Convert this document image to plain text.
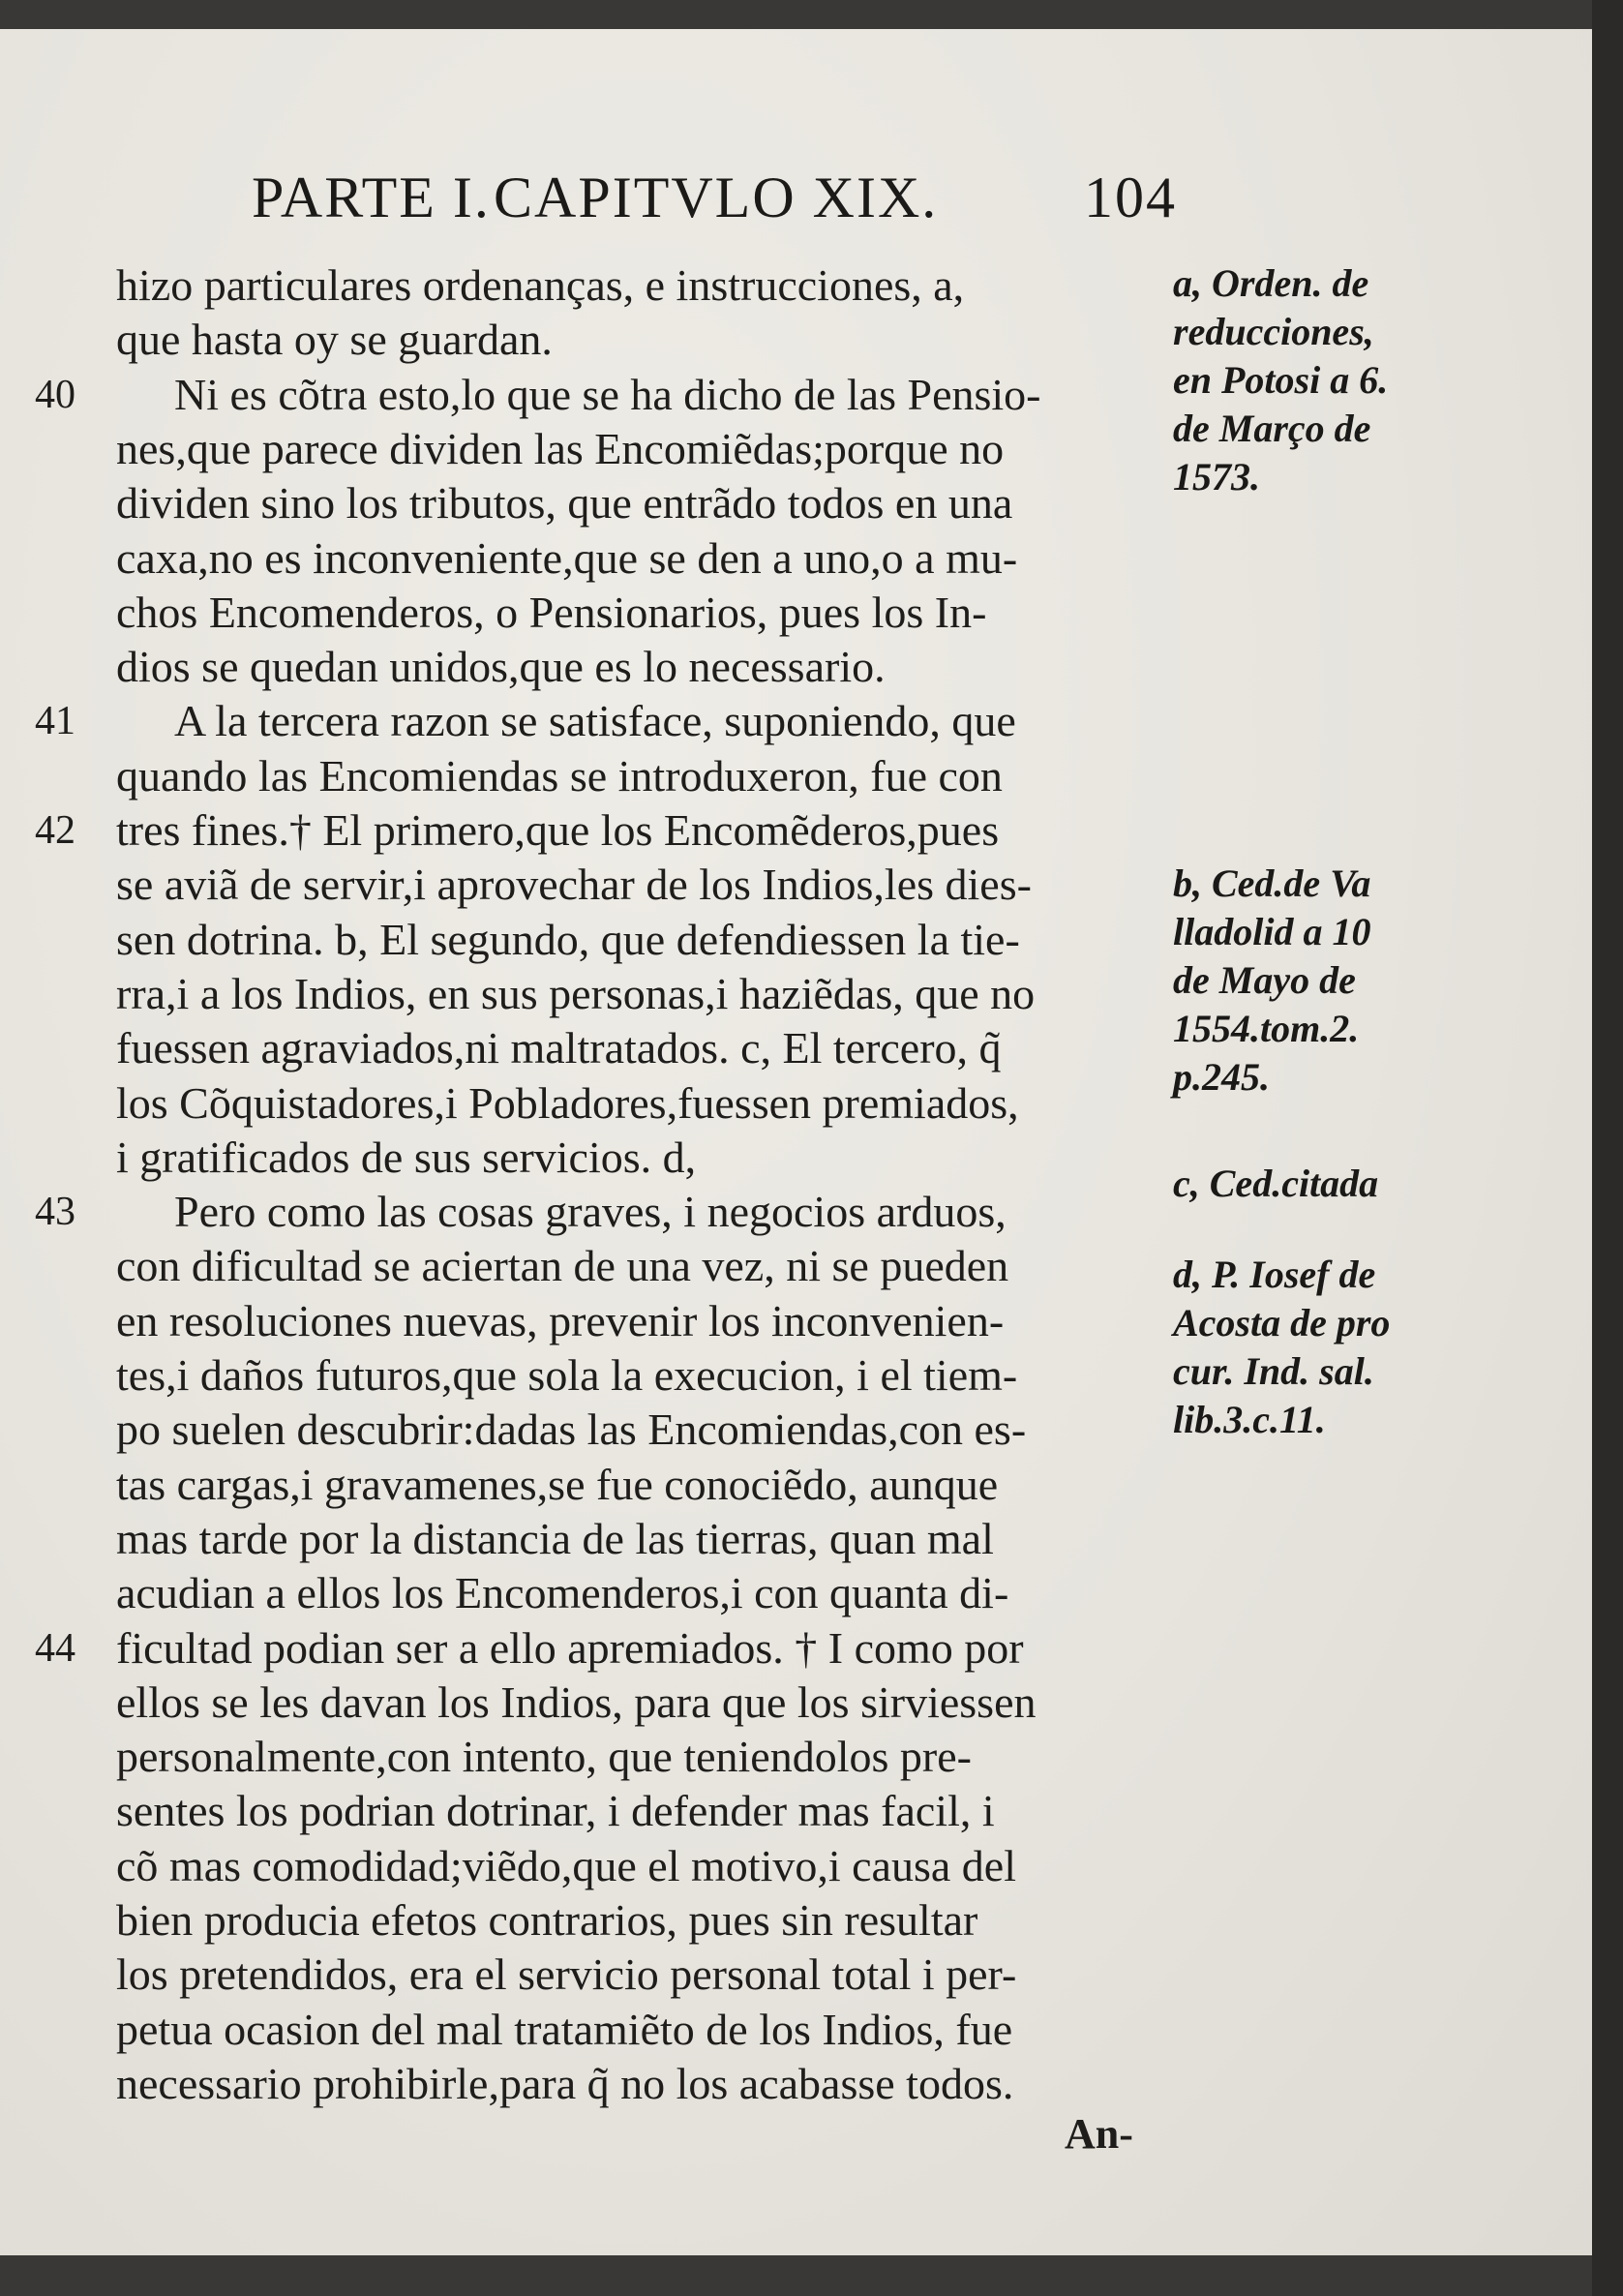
PARTE I. CAPITVLO XIX.	104
hizo particulares ordenanças, e instrucciones, a,
que hasta oy se guardan.
Ni es cõtra esto,lo que se ha dicho de las Pensio-
nes,que parece dividen las Encomiẽdas;porque no
dividen sino los tributos, que entrãdo todos en una
caxa,no es inconveniente,que se den a uno,o a mu-
chos Encomenderos, o Pensionarios, pues los In-
dios se quedan unidos,que es lo necessario.
A la tercera razon se satisface, suponiendo, que
quando las Encomiendas se introduxeron, fue con
tres fines.† El primero,que los Encomẽderos,pues
se aviã de servir,i aprovechar de los Indios,les dies-
sen dotrina. b, El segundo, que defendiessen la tie-
rra,i a los Indios, en sus personas,i haziẽdas, que no
fuessen agraviados,ni maltratados. c, El tercero, q̃
los Cõquistadores,i Pobladores,fuessen premiados,
i gratificados de sus servicios. d,
Pero como las cosas graves, i negocios arduos,
con dificultad se aciertan de una vez, ni se pueden
en resoluciones nuevas, prevenir los inconvenien-
tes,i daños futuros,que sola la execucion, i el tiem-
po suelen descubrir:dadas las Encomiendas,con es-
tas cargas,i gravamenes,se fue conociẽdo, aunque
mas tarde por la distancia de las tierras, quan mal
acudian a ellos los Encomenderos,i con quanta di-
ficultad podian ser a ello apremiados. † I como por
ellos se les davan los Indios, para que los sirviessen
personalmente,con intento, que teniendolos pre-
sentes los podrian dotrinar, i defender mas facil, i
cõ mas comodidad;viẽdo,que el motivo,i causa del
bien producia efetos contrarios, pues sin resultar
los pretendidos, era el servicio personal total i per-
petua ocasion del mal tratamiẽto de los Indios, fue
necessario prohibirle,para q̃ no los acabasse todos.
40
41
42
43
44
a, Orden. de
reducciones,
en Potosi a 6.
de Março de
1573.
b, Ced.de Va
lladolid a 10
de Mayo de
1554.tom.2.
p.245.
c, Ced.citada
d, P. Iosef de
Acosta de pro
cur. Ind. sal.
lib.3.c.11.
An-
